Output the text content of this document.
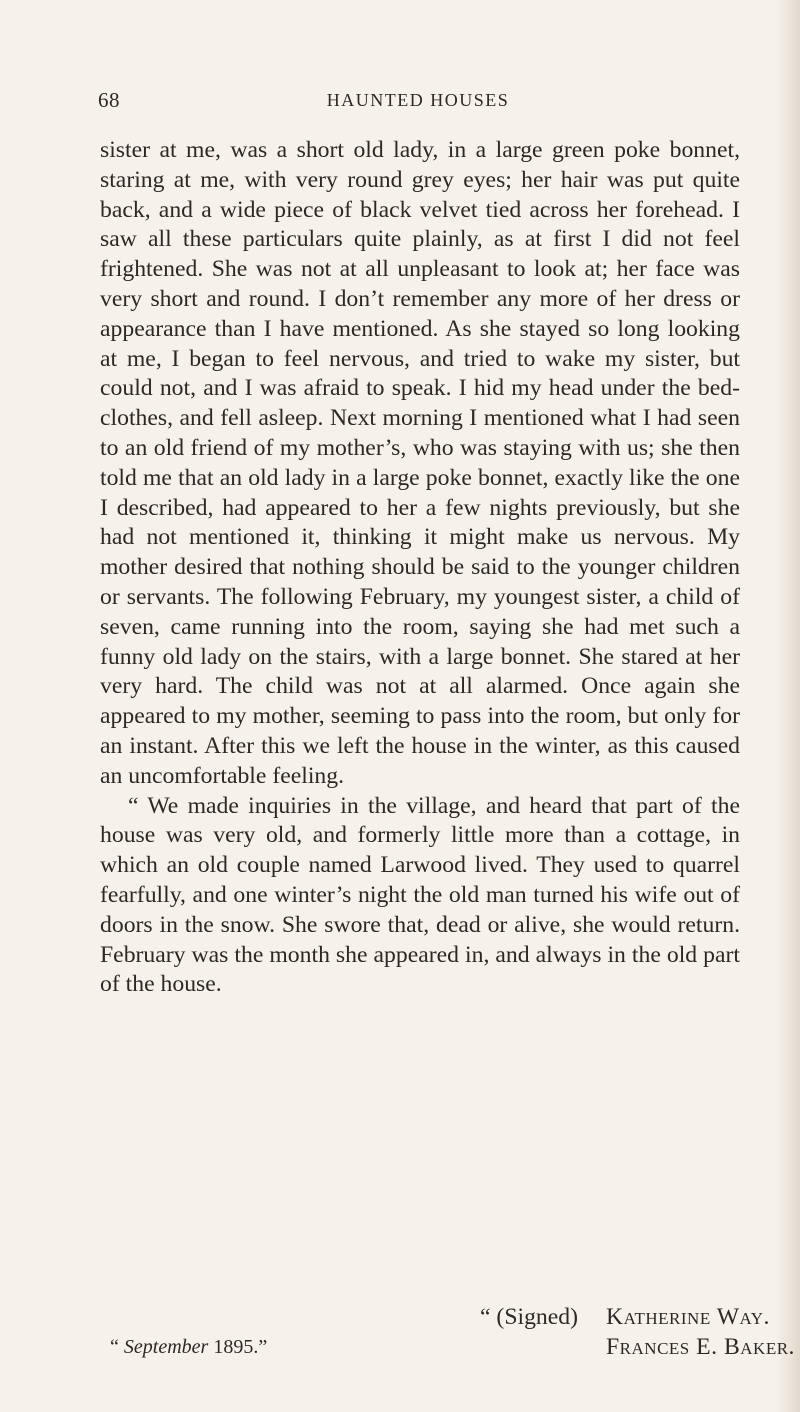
68	HAUNTED HOUSES

sister at me, was a short old lady, in a large green poke bonnet, staring at me, with very round grey eyes; her hair was put quite back, and a wide piece of black velvet tied across her forehead. I saw all these particulars quite plainly, as at first I did not feel frightened. She was not at all unpleasant to look at; her face was very short and round. I don’t remember any more of her dress or appearance than I have mentioned. As she stayed so long looking at me, I began to feel nervous, and tried to wake my sister, but could not, and I was afraid to speak. I hid my head under the bed-clothes, and fell asleep. Next morning I mentioned what I had seen to an old friend of my mother’s, who was staying with us; she then told me that an old lady in a large poke bonnet, exactly like the one I described, had appeared to her a few nights previously, but she had not mentioned it, thinking it might make us nervous. My mother desired that nothing should be said to the younger children or servants. The following February, my youngest sister, a child of seven, came running into the room, saying she had met such a funny old lady on the stairs, with a large bonnet. She stared at her very hard. The child was not at all alarmed. Once again she appeared to my mother, seeming to pass into the room, but only for an instant. After this we left the house in the winter, as this caused an uncomfortable feeling.

“ We made inquiries in the village, and heard that part of the house was very old, and formerly little more than a cottage, in which an old couple named Larwood lived. They used to quarrel fearfully, and one winter’s night the old man turned his wife out of doors in the snow. She swore that, dead or alive, she would return. February was the month she appeared in, and always in the old part of the house.

“ (Signed) Katherine Way.
Frances E. Baker.
“ September 1895.”
